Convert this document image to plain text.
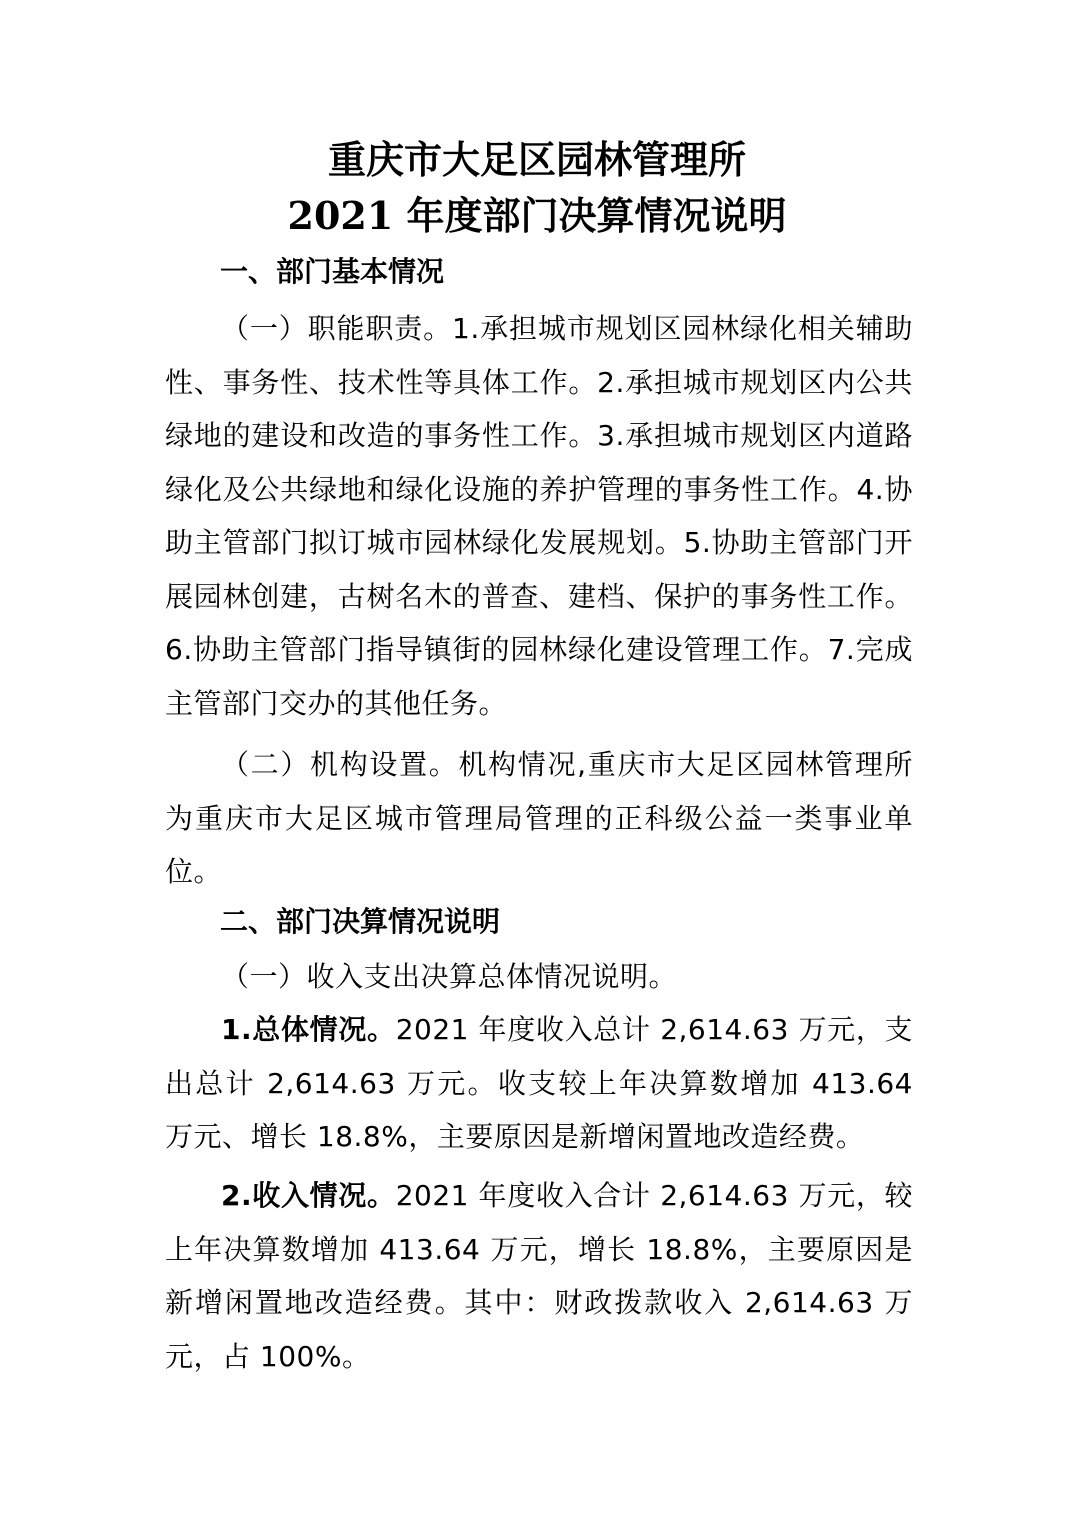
重庆市大足区园林管理所
2021 年度部门决算情况说明
一、部门基本情况

（一）职能职责。1.承担城市规划区园林绿化相关辅助性、事务性、技术性等具体工作。2.承担城市规划区内公共绿地的建设和改造的事务性工作。3.承担城市规划区内道路绿化及公共绿地和绿化设施的养护管理的事务性工作。4.协助主管部门拟订城市园林绿化发展规划。5.协助主管部门开展园林创建，古树名木的普查、建档、保护的事务性工作。6.协助主管部门指导镇街的园林绿化建设管理工作。7.完成主管部门交办的其他任务。

（二）机构设置。机构情况,重庆市大足区园林管理所为重庆市大足区城市管理局管理的正科级公益一类事业单位。

二、部门决算情况说明

（一）收入支出决算总体情况说明。

1.总体情况。2021 年度收入总计 2,614.63 万元，支出总计 2,614.63 万元。收支较上年决算数增加 413.64 万元、增长 18.8%，主要原因是新增闲置地改造经费。

2.收入情况。2021 年度收入合计 2,614.63 万元，较上年决算数增加 413.64 万元，增长 18.8%，主要原因是新增闲置地改造经费。其中：财政拨款收入 2,614.63 万元，占 100%。
